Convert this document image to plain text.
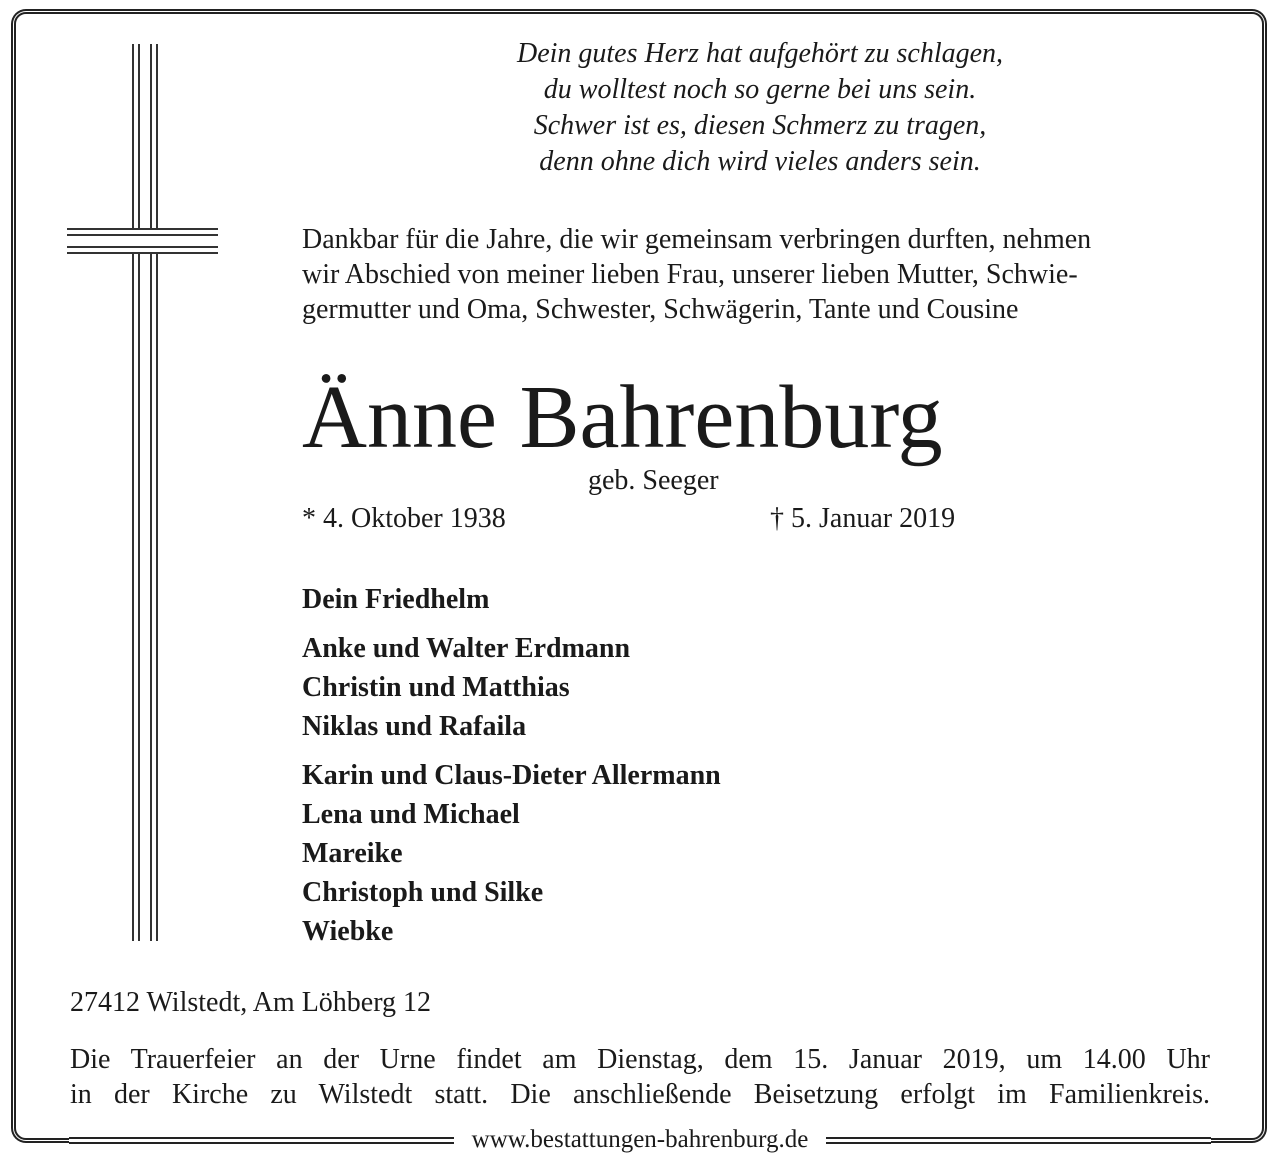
Dein gutes Herz hat aufgehört zu schlagen,
du wolltest noch so gerne bei uns sein.
Schwer ist es, diesen Schmerz zu tragen,
denn ohne dich wird vieles anders sein.
Dankbar für die Jahre, die wir gemeinsam verbringen durften, nehmen
wir Abschied von meiner lieben Frau, unserer lieben Mutter, Schwie-
germutter und Oma, Schwester, Schwägerin, Tante und Cousine
Änne Bahrenburg
geb. Seeger
* 4. Oktober 1938	† 5. Januar 2019
Dein Friedhelm
Anke und Walter Erdmann
Christin und Matthias
Niklas und Rafaila
Karin und Claus-Dieter Allermann
Lena und Michael
Mareike
Christoph und Silke
Wiebke
27412 Wilstedt, Am Löhberg 12
Die Trauerfeier an der Urne findet am Dienstag, dem 15. Januar 2019, um 14.00 Uhr
in der Kirche zu Wilstedt statt. Die anschließende Beisetzung erfolgt im Familienkreis.
www.bestattungen-bahrenburg.de
